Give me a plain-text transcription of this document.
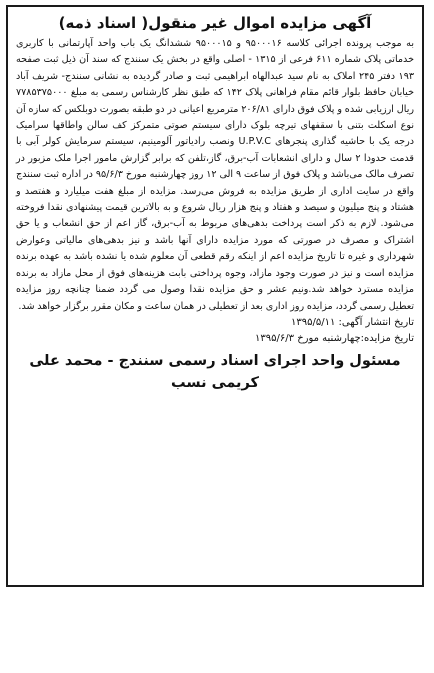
آگهی مزایده اموال غیر منقول( اسناد ذمه)

به موجب پرونده اجرائی کلاسه ۹۵۰۰۰۱۶ و ۹۵۰۰۰۱۵ ششدانگ یک باب واحد آپارتمانی با کاربری خدماتی پلاک شماره ۶۱۱ فرعی از ۱۳۱۵ - اصلی واقع در بخش یک سنندج که سند آن ذیل ثبت صفحه ۱۹۳ دفتر ۲۴۵ املاک به نام سید عبدالهاه ابراهیمی ثبت و صادر گردیده به نشانی سنندج- شریف آباد خیابان حافظ بلوار قائم مقام فراهانی پلاک ۱۴۲ که طبق نظر کارشناس رسمی به مبلغ ۷۷۸۵۳۷۵۰۰۰ ریال ارزیابی شده و پلاک فوق دارای ۲۰۶/۸۱ مترمربع اعیانی در دو طبقه بصورت دوبلکس که سازه آن نوع اسکلت بتنی با سقفهای تیرچه بلوک دارای سیستم صوتی متمرکز کف سالن واطاقها سرامیک درجه یک با حاشیه گذاری پنجرهای U.P.V.C ونصب رادیاتور آلومینیم، سیستم سرمایش کولر آبی با قدمت حدودا ۲ سال و دارای انشعابات آب-برق، گاز،تلفن که برابر گزارش مامور اجرا ملک مزبور در تصرف مالک می‌باشد و پلاک فوق از ساعت ۹ الی ۱۲ روز چهارشنبه مورخ ۹۵/۶/۳ در اداره ثبت سنندج واقع در سایت اداری از طریق مزایده به فروش می‌رسد. مزایده از مبلغ هفت میلیارد و هفتصد و هشتاد و پنج میلیون و سیصد و هفتاد و پنج هزار ریال شروع و به بالاترین قیمت پیشنهادی نقدا فروخته می‌شود. لازم به ذکر است پرداخت بدهی‌های مربوط به آب-برق، گاز اعم از حق انشعاب و یا حق اشتراک و مصرف در صورتی که مورد مزایده دارای آنها باشد و نیز بدهی‌های مالیاتی وعوارض شهرداری و غیره تا تاریخ مزایده اعم از اینکه رقم قطعی آن معلوم شده یا نشده باشد به عهده برنده مزایده است و نیز در صورت وجود مازاد، وجوه پرداختی بابت هزینه‌های فوق از محل مازاد به برنده مزایده مسترد خواهد شد.ونیم عشر و حق مزایده نقدا وصول می گردد ضمنا چنانچه روز مزایده تعطیل رسمی گردد، مزایده روز اداری بعد از تعطیلی در همان ساعت و مکان مقرر برگزار خواهد شد.

تاریخ انتشار آگهی: ۱۳۹۵/۵/۱۱

تاریخ مزایده:چهارشنبه مورخ ۱۳۹۵/۶/۳

مسئول واحد اجرای اسناد رسمی سنندج - محمد علی کریمی نسب
